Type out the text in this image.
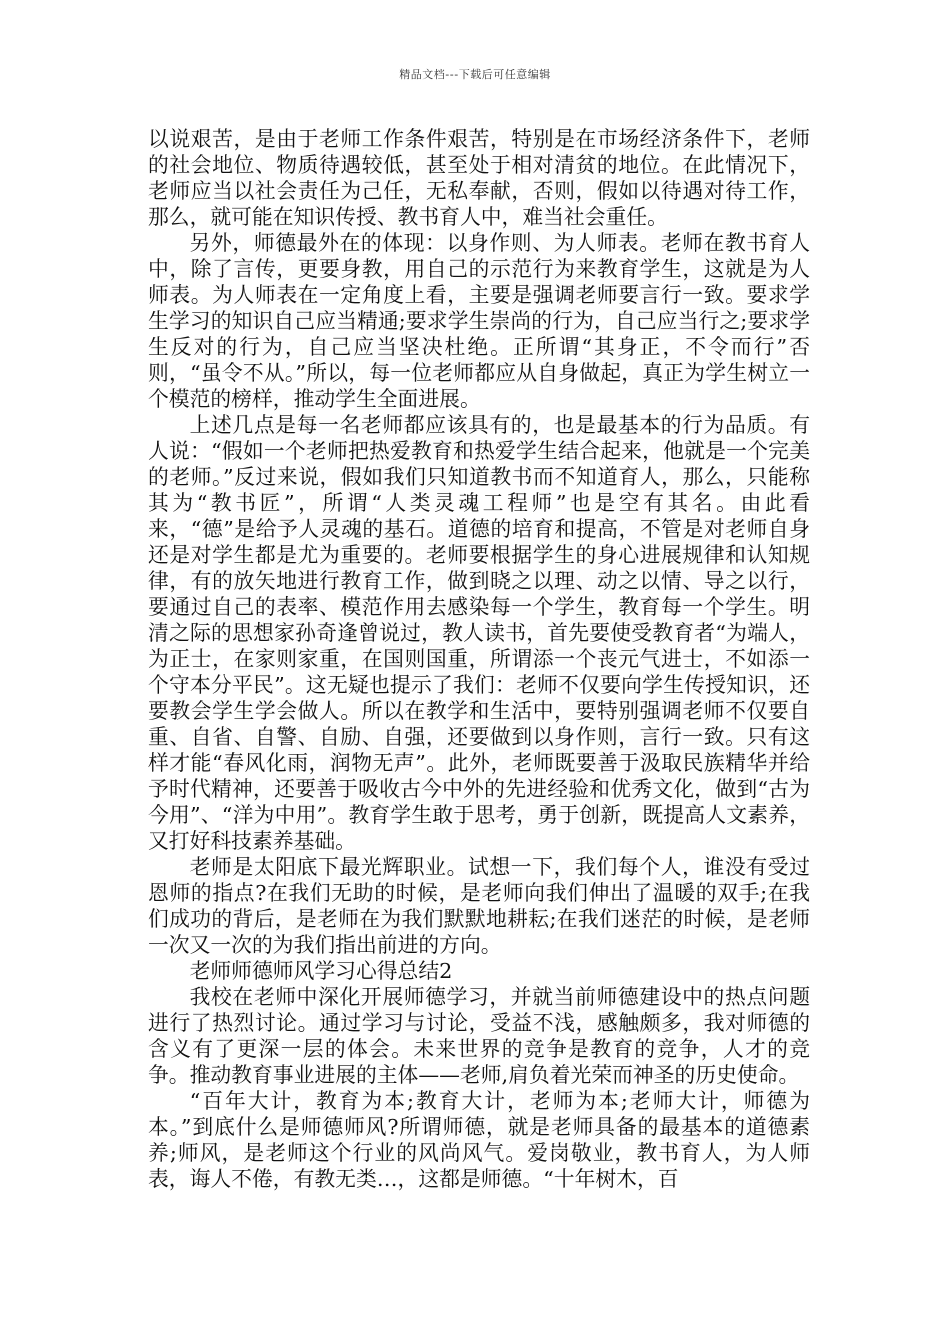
精品文档---下载后可任意编辑

以说艰苦，是由于老师工作条件艰苦，特别是在市场经济条件下，老师的社会地位、物质待遇较低，甚至处于相对清贫的地位。在此情况下，老师应当以社会责任为己任，无私奉献，否则，假如以待遇对待工作，那么，就可能在知识传授、教书育人中，难当社会重任。

另外，师德最外在的体现：以身作则、为人师表。老师在教书育人中，除了言传，更要身教，用自己的示范行为来教育学生，这就是为人师表。为人师表在一定角度上看，主要是强调老师要言行一致。要求学生学习的知识自己应当精通;要求学生崇尚的行为，自己应当行之;要求学生反对的行为，自己应当坚决杜绝。正所谓“其身正，不令而行”否则，“虽令不从。”所以，每一位老师都应从自身做起，真正为学生树立一个模范的榜样，推动学生全面进展。

上述几点是每一名老师都应该具有的，也是最基本的行为品质。有人说：“假如一个老师把热爱教育和热爱学生结合起来，他就是一个完美的老师。”反过来说，假如我们只知道教书而不知道育人，那么，只能称其为“教书匠”，所谓“人类灵魂工程师”也是空有其名。由此看来，“德”是给予人灵魂的基石。道德的培育和提高，不管是对老师自身还是对学生都是尤为重要的。老师要根据学生的身心进展规律和认知规律，有的放矢地进行教育工作，做到晓之以理、动之以情、导之以行，要通过自己的表率、模范作用去感染每一个学生，教育每一个学生。明清之际的思想家孙奇逢曾说过，教人读书，首先要使受教育者“为端人，为正士，在家则家重，在国则国重，所谓添一个丧元气进士，不如添一个守本分平民”。这无疑也提示了我们：老师不仅要向学生传授知识，还要教会学生学会做人。所以在教学和生活中，要特别强调老师不仅要自重、自省、自警、自励、自强，还要做到以身作则，言行一致。只有这样才能“春风化雨，润物无声”。此外，老师既要善于汲取民族精华并给予时代精神，还要善于吸收古今中外的先进经验和优秀文化，做到“古为今用”、“洋为中用”。教育学生敢于思考，勇于创新，既提高人文素养，又打好科技素养基础。

老师是太阳底下最光辉职业。试想一下，我们每个人，谁没有受过恩师的指点?在我们无助的时候，是老师向我们伸出了温暖的双手;在我们成功的背后，是老师在为我们默默地耕耘;在我们迷茫的时候，是老师一次又一次的为我们指出前进的方向。

老师师德师风学习心得总结2

我校在老师中深化开展师德学习，并就当前师德建设中的热点问题进行了热烈讨论。通过学习与讨论，受益不浅，感触颇多，我对师德的含义有了更深一层的体会。未来世界的竞争是教育的竞争，人才的竞争。推动教育事业进展的主体——老师,肩负着光荣而神圣的历史使命。

“百年大计，教育为本;教育大计，老师为本;老师大计，师德为本。”到底什么是师德师风?所谓师德，就是老师具备的最基本的道德素养;师风，是老师这个行业的风尚风气。爱岗敬业，教书育人，为人师表，诲人不倦，有教无类…，这都是师德。“十年树木，百
